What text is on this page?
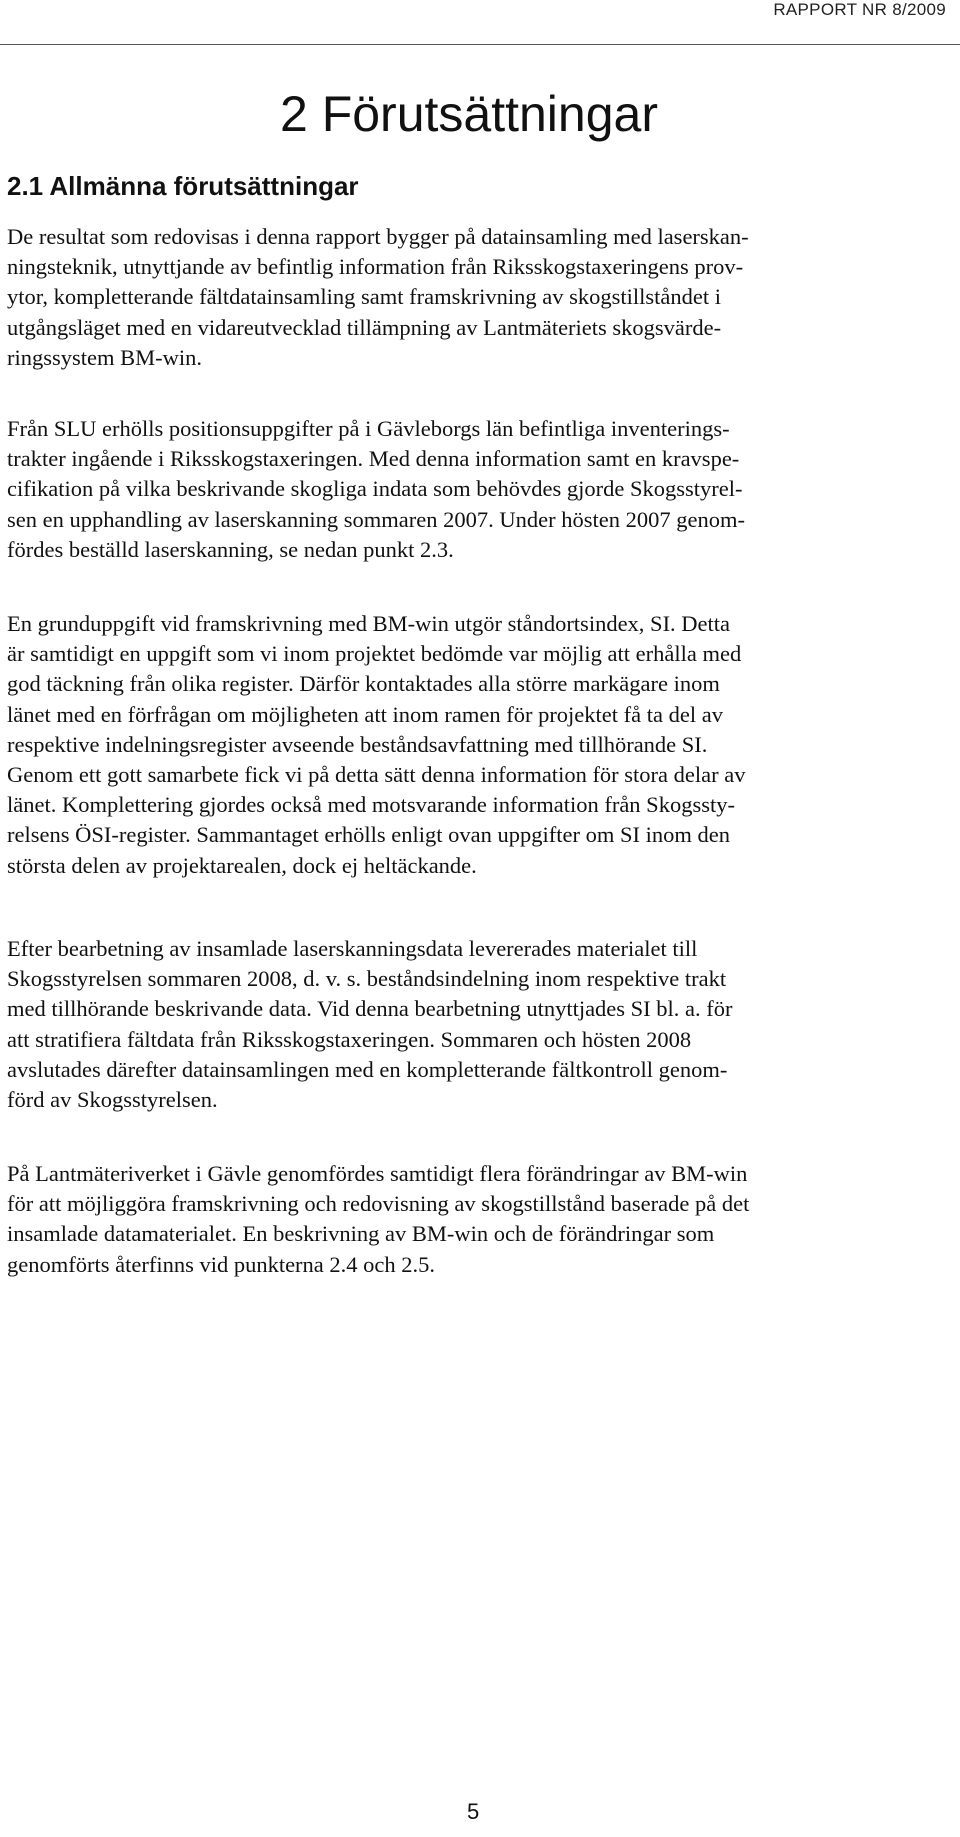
RAPPORT NR 8/2009
2 Förutsättningar
2.1 Allmänna förutsättningar

De resultat som redovisas i denna rapport bygger på datainsamling med laserskan-
ningsteknik, utnyttjande av befintlig information från Riksskogstaxeringens prov-
ytor, kompletterande fältdatainsamling samt framskrivning av skogstillståndet i
utgångsläget med en vidareutvecklad tillämpning av Lantmäteriets skogsvärde-
ringssystem BM-win.

Från SLU erhölls positionsuppgifter på i Gävleborgs län befintliga inventerings-
trakter ingående i Riksskogstaxeringen. Med denna information samt en kravspe-
cifikation på vilka beskrivande skogliga indata som behövdes gjorde Skogsstyrel-
sen en upphandling av laserskanning sommaren 2007. Under hösten 2007 genom-
fördes beställd laserskanning, se nedan punkt 2.3.

En grunduppgift vid framskrivning med BM-win utgör ståndortsindex, SI. Detta
är samtidigt en uppgift som vi inom projektet bedömde var möjlig att erhålla med
god täckning från olika register. Därför kontaktades alla större markägare inom
länet med en förfrågan om möjligheten att inom ramen för projektet få ta del av
respektive indelningsregister avseende beståndsavfattning med tillhörande SI.
Genom ett gott samarbete fick vi på detta sätt denna information för stora delar av
länet. Komplettering gjordes också med motsvarande information från Skogssty-
relsens ÖSI-register. Sammantaget erhölls enligt ovan uppgifter om SI inom den
största delen av projektarealen, dock ej heltäckande.

Efter bearbetning av insamlade laserskanningsdata levererades materialet till
Skogsstyrelsen sommaren 2008, d. v. s. beståndsindelning inom respektive trakt
med tillhörande beskrivande data. Vid denna bearbetning utnyttjades SI bl. a. för
att stratifiera fältdata från Riksskogstaxeringen. Sommaren och hösten 2008
avslutades därefter datainsamlingen med en kompletterande fältkontroll genom-
förd av Skogsstyrelsen.

På Lantmäteriverket i Gävle genomfördes samtidigt flera förändringar av BM-win
för att möjliggöra framskrivning och redovisning av skogstillstånd baserade på det
insamlade datamaterialet. En beskrivning av BM-win och de förändringar som
genomförts återfinns vid punkterna 2.4 och 2.5.

5
